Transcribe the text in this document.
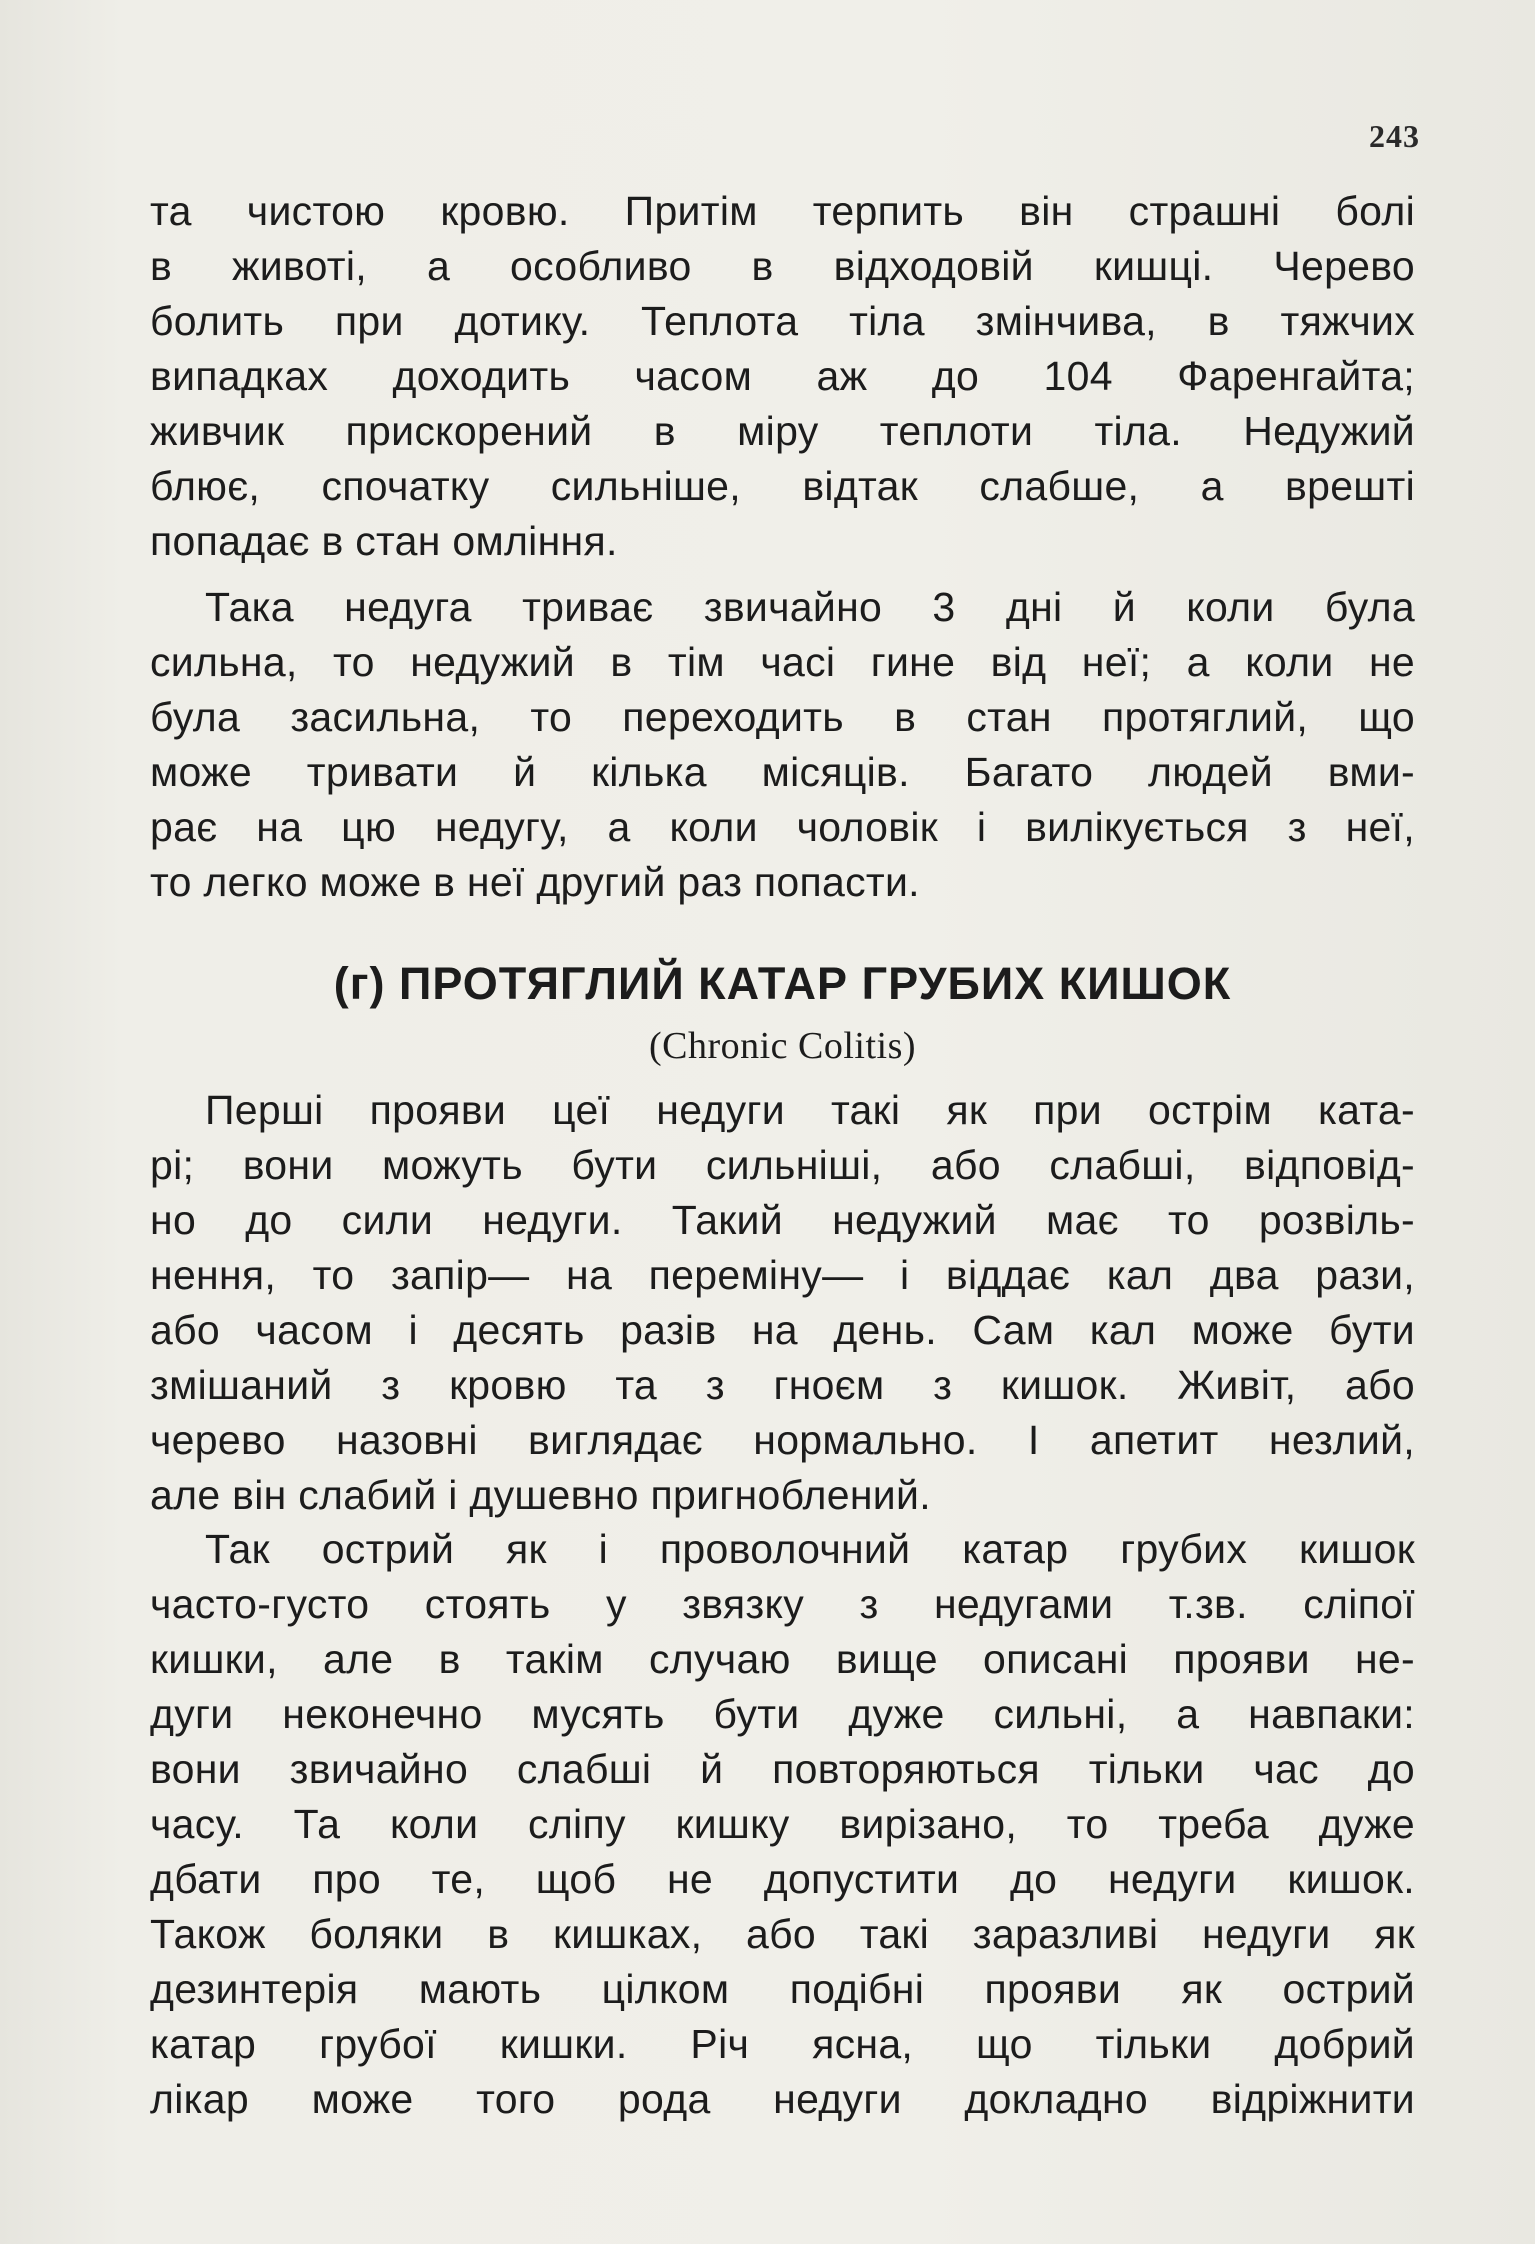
243
та чистою кровю. Притім терпить він страшні болі
в животі, а особливо в відходовій кишці. Черево
болить при дотику. Теплота тіла змінчива, в тяжчих
випадках доходить часом аж до 104 Фаренгайта;
живчик прискорений в міру теплоти тіла. Недужий
блює, спочатку сильніше, відтак слабше, а врешті
попадає в стан омління.
Така недуга триває звичайно 3 дні й коли була
сильна, то недужий в тім часі гине від неї; а коли не
була засильна, то переходить в стан протяглий, що
може тривати й кілька місяців. Багато людей вми-
рає на цю недугу, а коли чоловік і вилікується з неї,
то легко може в неї другий раз попасти.
(г) ПРОТЯГЛИЙ КАТАР ГРУБИХ КИШОК
(Chronic Colitis)
Перші прояви цеї недуги такі як при острім ката-
рі; вони можуть бути сильніші, або слабші, відповід-
но до сили недуги. Такий недужий має то розвіль-
нення, то запір— на переміну— і віддає кал два рази,
або часом і десять разів на день. Сам кал може бути
змішаний з кровю та з гноєм з кишок. Живіт, або
черево назовні виглядає нормально. І апетит незлий,
але він слабий і душевно пригноблений.
Так острий як і проволочний катар грубих кишок
часто-густо стоять у звязку з недугами т.зв. сліпої
кишки, але в такім случаю вище описані прояви не-
дуги неконечно мусять бути дуже сильні, а навпаки:
вони звичайно слабші й повторяються тільки час до
часу. Та коли сліпу кишку вирізано, то треба дуже
дбати про те, щоб не допустити до недуги кишок.
Також боляки в кишках, або такі заразливі недуги як
дезинтерія мають цілком подібні прояви як острий
катар грубої кишки. Річ ясна, що тільки добрий
лікар може того рода недуги докладно відріжнити
